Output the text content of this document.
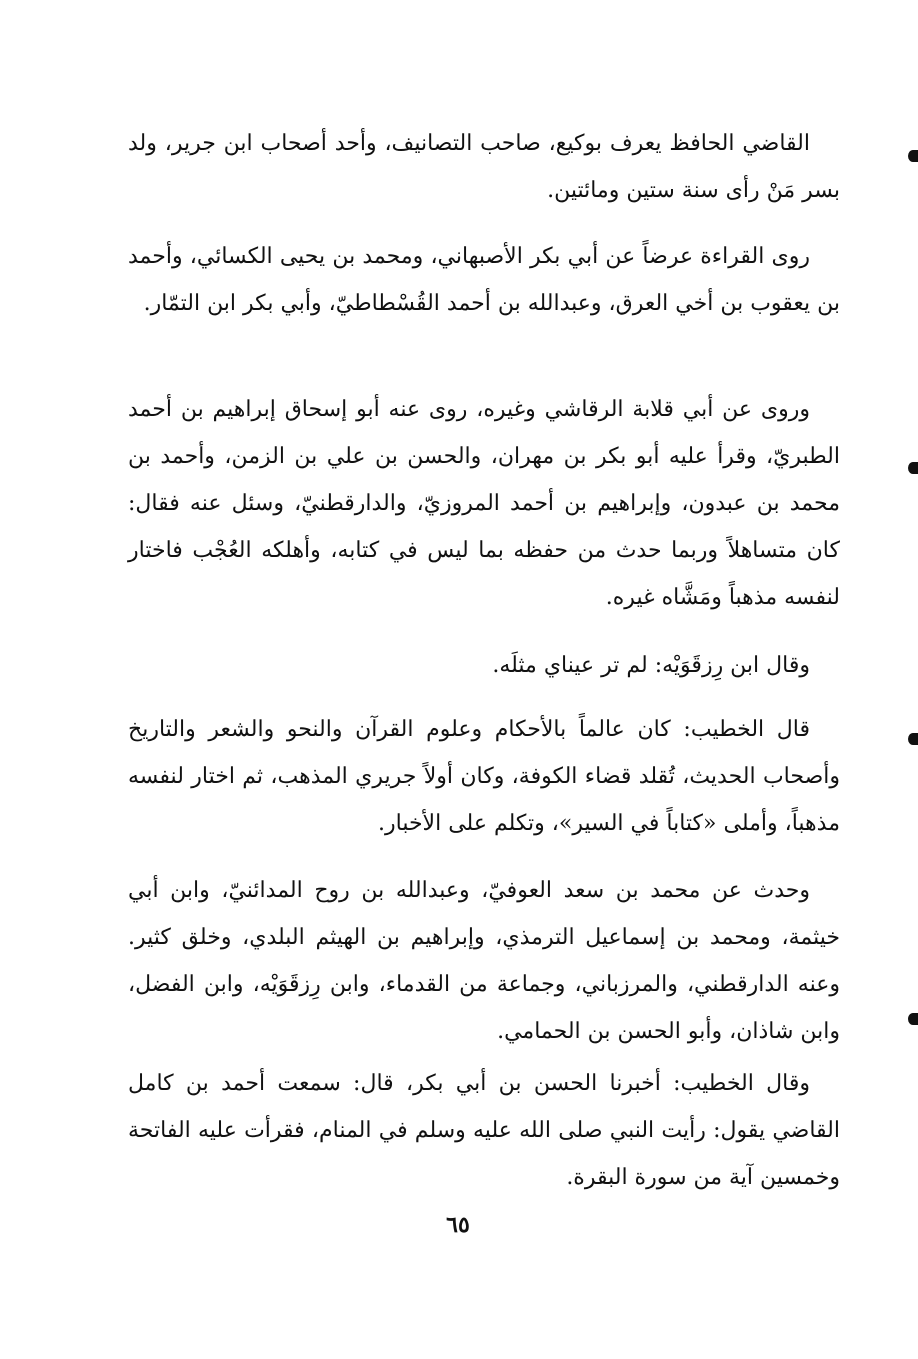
القاضي الحافظ يعرف بوكيع، صاحب التصانيف، وأحد أصحاب ابن جرير، ولد بسر مَنْ رأى سنة ستين ومائتين.

روى القراءة عرضاً عن أبي بكر الأصبهاني، ومحمد بن يحيى الكسائي، وأحمد بن يعقوب بن أخي العرق، وعبدالله بن أحمد القُسْطاطيّ، وأبي بكر ابن التمّار.

وروى عن أبي قلابة الرقاشي وغيره، روى عنه أبو إسحاق إبراهيم بن أحمد الطبريّ، وقرأ عليه أبو بكر بن مهران، والحسن بن علي بن الزمن، وأحمد بن محمد بن عبدون، وإبراهيم بن أحمد المروزيّ، والدارقطنيّ، وسئل عنه فقال: كان متساهلاً وربما حدث من حفظه بما ليس في كتابه، وأهلكه العُجْب فاختار لنفسه مذهباً ومَشَّاه غيره.

وقال ابن رِزقَوَيْه: لم تر عيناي مثلَه.

قال الخطيب: كان عالماً بالأحكام وعلوم القرآن والنحو والشعر والتاريخ وأصحاب الحديث، تُقلد قضاء الكوفة، وكان أولاً جريري المذهب، ثم اختار لنفسه مذهباً، وأملى «كتاباً في السير»، وتكلم على الأخبار.

وحدث عن محمد بن سعد العوفيّ، وعبدالله بن روح المدائنيّ، وابن أبي خيثمة، ومحمد بن إسماعيل الترمذي، وإبراهيم بن الهيثم البلدي، وخلق كثير. وعنه الدارقطني، والمرزباني، وجماعة من القدماء، وابن رِزقَوَيْه، وابن الفضل، وابن شاذان، وأبو الحسن بن الحمامي.

وقال الخطيب: أخبرنا الحسن بن أبي بكر، قال: سمعت أحمد بن كامل القاضي يقول: رأيت النبي صلى الله عليه وسلم في المنام، فقرأت عليه الفاتحة وخمسين آية من سورة البقرة.

٦٥
